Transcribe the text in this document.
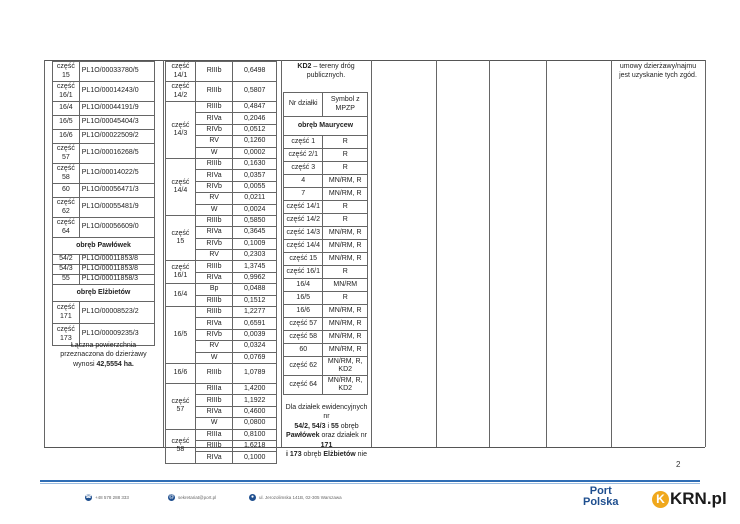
część 15	PL1O/00033780/5
część 16/1	PL1O/00014243/0
16/4	PL1O/00044191/9
16/5	PL1O/00045404/3
16/6	PL1O/00022509/2
część 57	PL1O/00016268/5
część 58	PL1O/00014022/5
60	PL1O/00056471/3
część 62	PL1O/00055481/9
część 64	PL1O/00056609/0
obręb Pawłówek	
54/2	PL1O/00011853/8
54/3	PL1O/00011853/8
55	PL1O/00011858/3
obręb Elżbietów	
część 171	PL1O/00008523/2
część 173	PL1O/00009235/3
Łączna powierzchnia przeznaczona do dzierżawy wynosi 42,5554 ha.
część 14/1	RIIIb	0,6498
część 14/2	RIIIb	0,5807
część 14/3	RIIIb	0,4847
	RIVa	0,2046
	RIVb	0,0512
	RV	0,1260
	W	0,0002
część 14/4	RIIIb	0,1630
	RIVa	0,0357
	RIVb	0,0055
	RV	0,0211
	W	0,0024
część 15	RIIIb	0,5850
	RIVa	0,3645
	RIVb	0,1009
	RV	0,2303
część 16/1	RIIIb	1,3745
	RIVa	0,9962
16/4	Bp	0,0488
	RIIIb	0,1512
16/5	RIIIb	1,2277
	RIVa	0,6591
	RIVb	0,0039
	RV	0,0324
	W	0,0769
16/6	RIIIb	1,0789
część 57	RIIIa	1,4200
	RIIIb	1,1922
	RIVa	0,4600
	W	0,0800
część 58	RIIIa	0,8100
	RIIIb	1,6218
	RIVa	0,1000
KD2 – tereny dróg publicznych.
Nr działki	Symbol z MPZP
obręb Maurycew	
część 1	R
część 2/1	R
część 3	R
4	MN/RM, R
7	MN/RM, R
część 14/1	R
część 14/2	R
część 14/3	MN/RM, R
część 14/4	MN/RM, R
część 15	MN/RM, R
część 16/1	R
16/4	MN/RM
16/5	R
16/6	MN/RM, R
część 57	MN/RM, R
część 58	MN/RM, R
60	MN/RM, R
część 62	MN/RM, R, KD2
część 64	MN/RM, R, KD2
Dla działek ewidencyjnych nr
54/2, 54/3 i 55 obręb
Pawłówek oraz działek nr 171
i 173 obręb Elżbietów nie
umowy dzierżawy/najmu jest uzyskanie tych zgód.
2
☎ +48 578 288 333	@ sekretariat@port.pl	●	ul. Jerozolimska 141B, 02-305 Warszawa
Port
Polska	K KRN.pl
